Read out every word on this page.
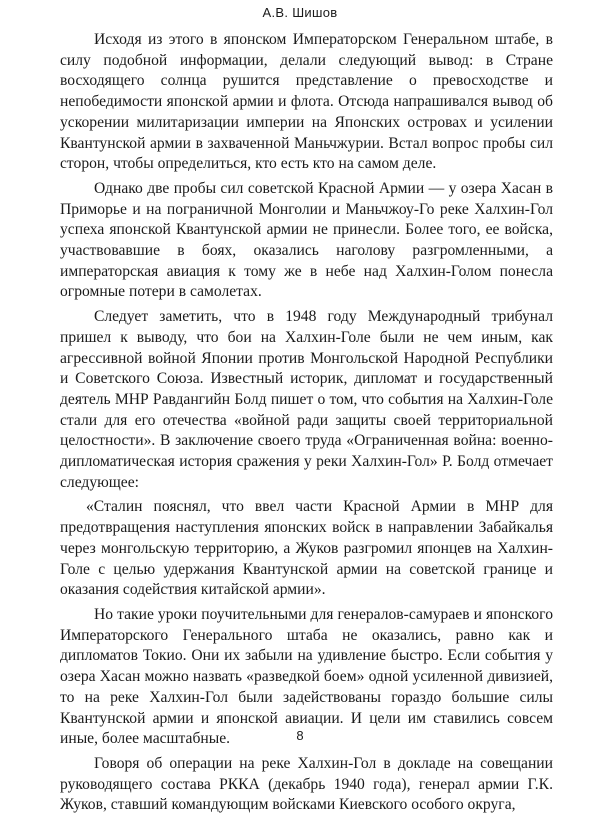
А.В. Шишов

Исходя из этого в японском Императорском Генеральном штабе, в силу подобной информации, делали следующий вывод: в Стране восходящего солнца рушится представление о превосходстве и непобедимости японской армии и флота. Отсюда напрашивался вывод об ускорении милитаризации империи на Японских островах и усилении Квантунской армии в захваченной Маньчжурии. Встал вопрос пробы сил сторон, чтобы определиться, кто есть кто на самом деле.

Однако две пробы сил советской Красной Армии — у озера Хасан в Приморье и на пограничной Монголии и Маньчжоу-Го реке Халхин-Гол успеха японской Квантунской армии не принесли. Более того, ее войска, участвовавшие в боях, оказались наголову разгромленными, а императорская авиация к тому же в небе над Халхин-Голом понесла огромные потери в самолетах.

Следует заметить, что в 1948 году Международный трибунал пришел к выводу, что бои на Халхин-Голе были не чем иным, как агрессивной войной Японии против Монгольской Народной Республики и Советского Союза. Известный историк, дипломат и государственный деятель МНР Равдангийн Болд пишет о том, что события на Халхин-Голе стали для его отечества «войной ради защиты своей территориальной целостности». В заключение своего труда «Ограниченная война: военно-дипломатическая история сражения у реки Халхин-Гол» Р. Болд отмечает следующее:

«Сталин пояснял, что ввел части Красной Армии в МНР для предотвращения наступления японских войск в направлении Забайкалья через монгольскую территорию, а Жуков разгромил японцев на Халхин-Голе с целью удержания Квантунской армии на советской границе и оказания содействия китайской армии».

Но такие уроки поучительными для генералов-самураев и японского Императорского Генерального штаба не оказались, равно как и дипломатов Токио. Они их забыли на удивление быстро. Если события у озера Хасан можно назвать «разведкой боем» одной усиленной дивизией, то на реке Халхин-Гол были задействованы гораздо большие силы Квантунской армии и японской авиации. И цели им ставились совсем иные, более масштабные.

Говоря об операции на реке Халхин-Гол в докладе на совещании руководящего состава РККА (декабрь 1940 года), генерал армии Г.К. Жуков, ставший командующим войсками Киевского особого округа,

8
